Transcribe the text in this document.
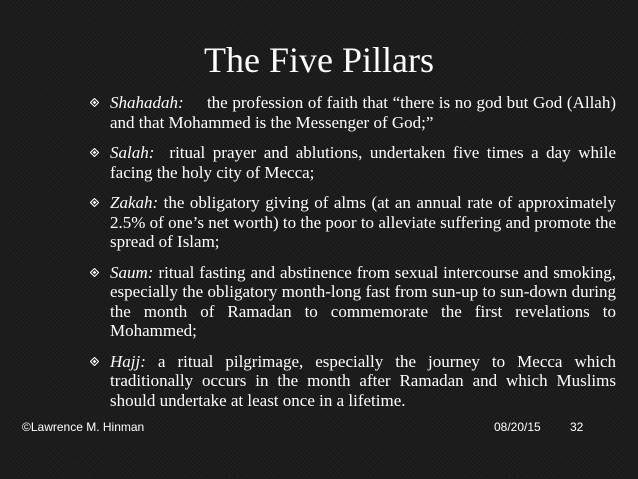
The Five Pillars
Shahadah: the profession of faith that “there is no god but God (Allah) and that Mohammed is the Messenger of God;”
Salah: ritual prayer and ablutions, undertaken five times a day while facing the holy city of Mecca;
Zakah: the obligatory giving of alms (at an annual rate of approximately 2.5% of one’s net worth) to the poor to alleviate suffering and promote the spread of Islam;
Saum: ritual fasting and abstinence from sexual intercourse and smoking, especially the obligatory month-long fast from sun-up to sun-down during the month of Ramadan to commemorate the first revelations to Mohammed;
Hajj: a ritual pilgrimage, especially the journey to Mecca which traditionally occurs in the month after Ramadan and which Muslims should undertake at least once in a lifetime.
©Lawrence M. Hinman	08/20/15 32
